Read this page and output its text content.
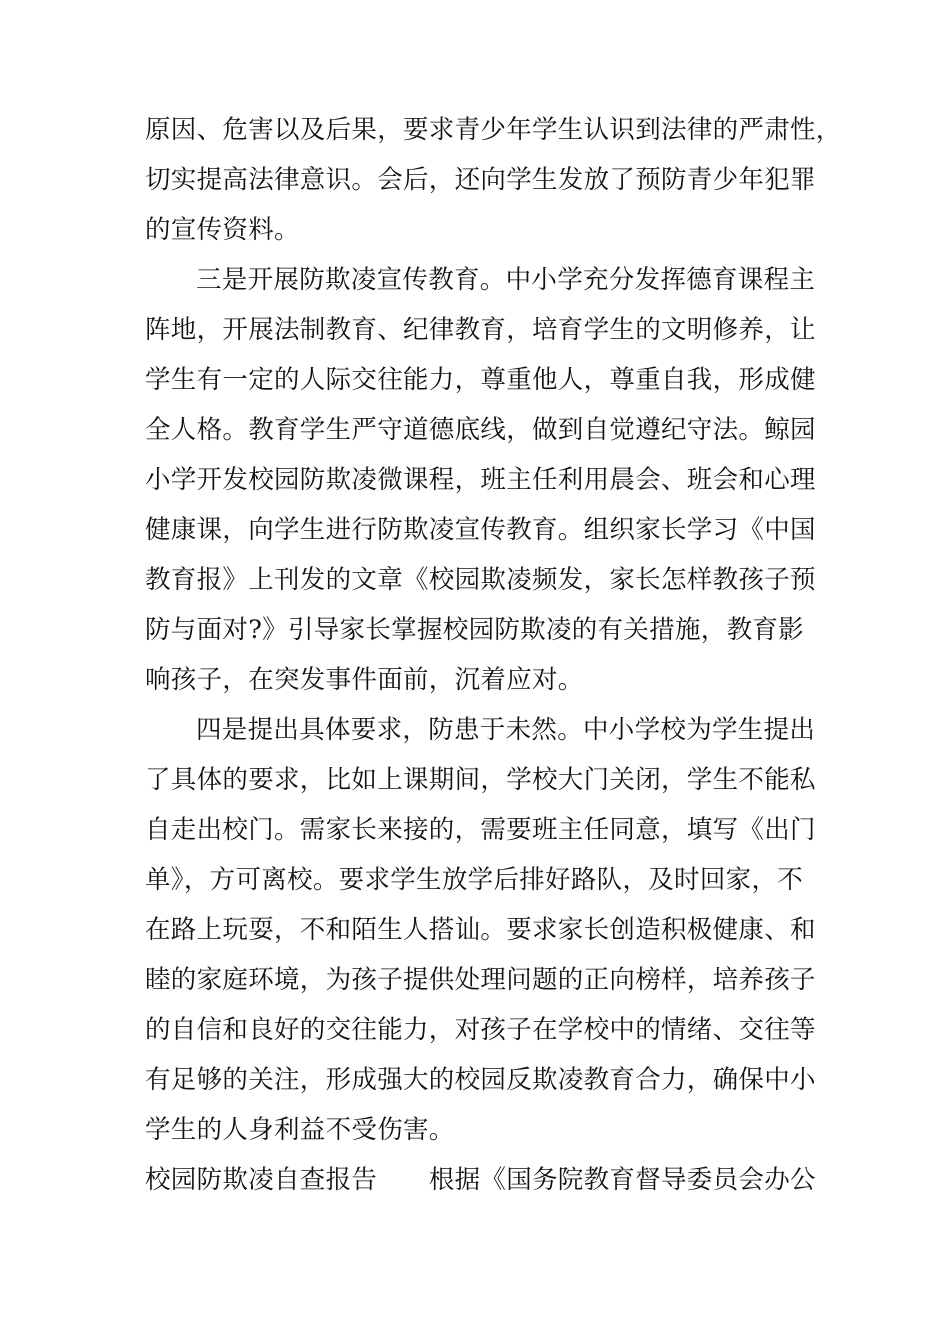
原因、危害以及后果，要求青少年学生认识到法律的严肃性，
切实提高法律意识。会后，还向学生发放了预防青少年犯罪
的宣传资料。
三是开展防欺凌宣传教育。中小学充分发挥德育课程主
阵地，开展法制教育、纪律教育，培育学生的文明修养，让
学生有一定的人际交往能力，尊重他人，尊重自我，形成健
全人格。教育学生严守道德底线，做到自觉遵纪守法。鲸园
小学开发校园防欺凌微课程，班主任利用晨会、班会和心理
健康课，向学生进行防欺凌宣传教育。组织家长学习《中国
教育报》上刊发的文章《校园欺凌频发，家长怎样教孩子预
防与面对?》引导家长掌握校园防欺凌的有关措施，教育影
响孩子，在突发事件面前，沉着应对。
四是提出具体要求，防患于未然。中小学校为学生提出
了具体的要求，比如上课期间，学校大门关闭，学生不能私
自走出校门。需家长来接的，需要班主任同意，填写《出门
单》，方可离校。要求学生放学后排好路队，及时回家，不
在路上玩耍，不和陌生人搭讪。要求家长创造积极健康、和
睦的家庭环境，为孩子提供处理问题的正向榜样，培养孩子
的自信和良好的交往能力，对孩子在学校中的情绪、交往等
有足够的关注，形成强大的校园反欺凌教育合力，确保中小
学生的人身利益不受伤害。
校园防欺凌自查报告　　根据《国务院教育督导委员会办公
